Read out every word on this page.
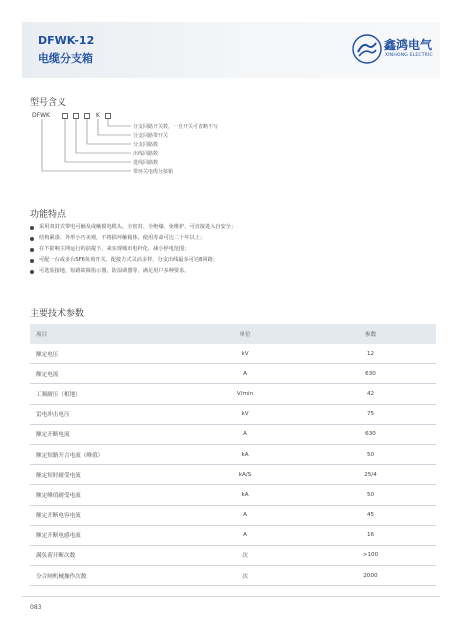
DFWK-12
电缆分支箱
鑫鸿电气
XINHONG ELECTRIC
型号含义
DFWK	K
分支回路开关数，一自开关可省略不写
分支回路带开关
分支回路数
出线回路数
进线回路数
带环关电缆分接箱
功能特点
采用双封式带电可触及或触摸电缆头，全密封、全绝缘、免维护，可直接进入自安全；
结构紧凑、外形小巧美观，不将损坏触箱体，使用寿命可达二十年以上；
在不影响主网运行的前提下，来实现城市电杆化，减小停电范围；
可配一台或多台SF6负荷开关，配接方式灵活多样，分支出线最多可达8回路；
可选装接地，短路故障指示器，防湿调器等，满足用户多种要求。
主要技术参数
项目	单位	参数
额定电压	kV	12
额定电流	A	630
工频耐压（相地）	V/min	42
雷电冲击电压	kV	75
额定开断电流	A	630
额定短路开合电流（峰值）	kA	50
额定短时耐受电流	kA/S	25/4
额定峰值耐受电流	kA	50
额定开断电容电流	A	45
额定开断电感电流	A	16
满负荷开断次数	次	>100
分合闸机械操作次数	次	2000
083
